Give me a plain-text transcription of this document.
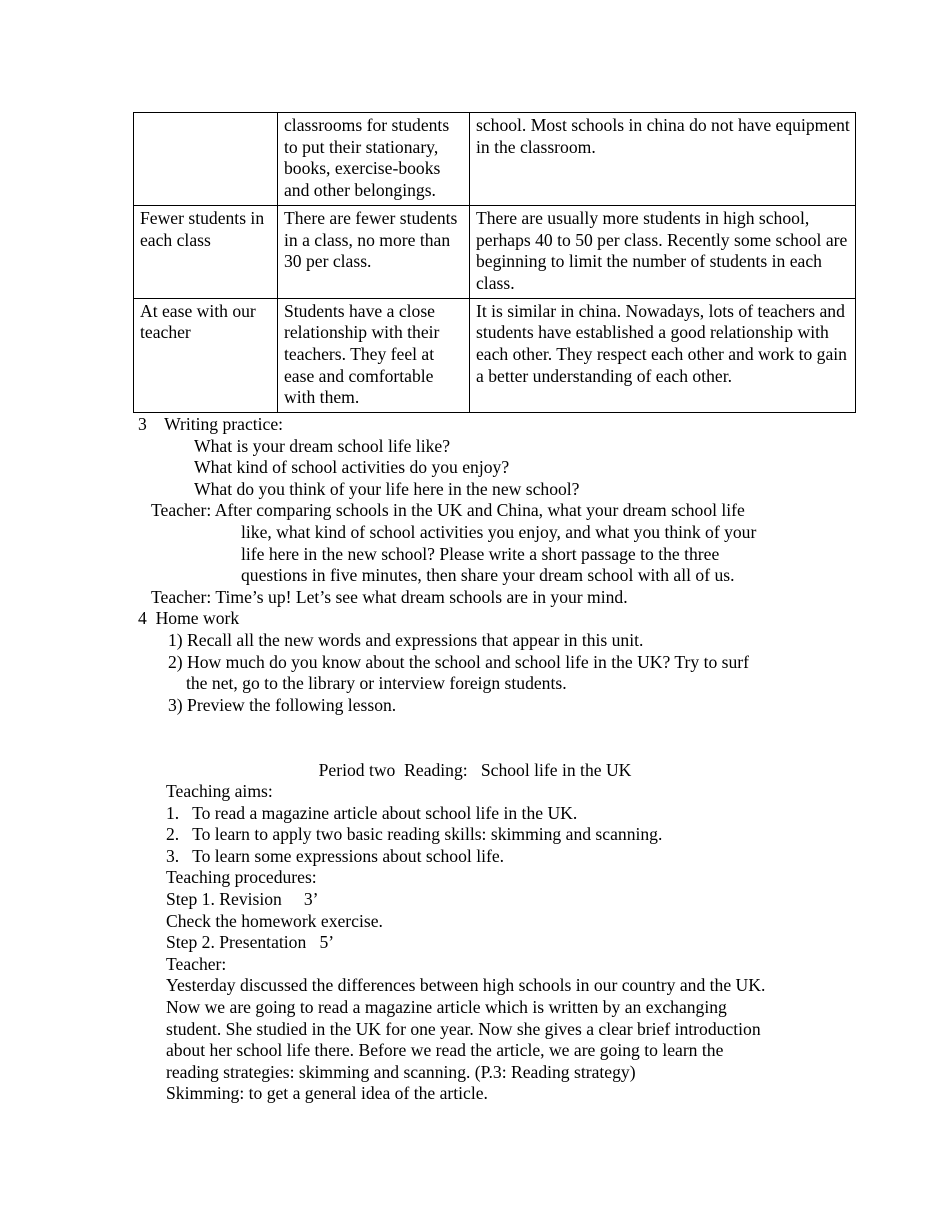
	classrooms for students to put their stationary, books, exercise-books and other belongings.	school. Most schools in china do not have equipment in the classroom.
Fewer students in each class	There are fewer students in a class, no more than 30 per class.	There are usually more students in high school, perhaps 40 to 50 per class. Recently some school are beginning to limit the number of students in each class.
At ease with our teacher	Students have a close relationship with their teachers. They feel at ease and comfortable with them.	It is similar in china. Nowadays, lots of teachers and students have established a good relationship with each other. They respect each other and work to gain a better understanding of each other.
3    Writing practice:
What is your dream school life like?
What kind of school activities do you enjoy?
What do you think of your life here in the new school?
Teacher: After comparing schools in the UK and China, what your dream school life
like, what kind of school activities you enjoy, and what you think of your
life here in the new school? Please write a short passage to the three
questions in five minutes, then share your dream school with all of us.
Teacher: Time’s up! Let’s see what dream schools are in your mind.
4  Home work
1) Recall all the new words and expressions that appear in this unit.
2) How much do you know about the school and school life in the UK? Try to surf
the net, go to the library or interview foreign students.
3) Preview the following lesson.

Period two  Reading:   School life in the UK
Teaching aims:
1.   To read a magazine article about school life in the UK.
2.   To learn to apply two basic reading skills: skimming and scanning.
3.   To learn some expressions about school life.
Teaching procedures:
Step 1. Revision     3’
Check the homework exercise.
Step 2. Presentation   5’
Teacher:
Yesterday discussed the differences between high schools in our country and the UK.
Now we are going to read a magazine article which is written by an exchanging
student. She studied in the UK for one year. Now she gives a clear brief introduction
about her school life there. Before we read the article, we are going to learn the
reading strategies: skimming and scanning. (P.3: Reading strategy)
Skimming: to get a general idea of the article.
